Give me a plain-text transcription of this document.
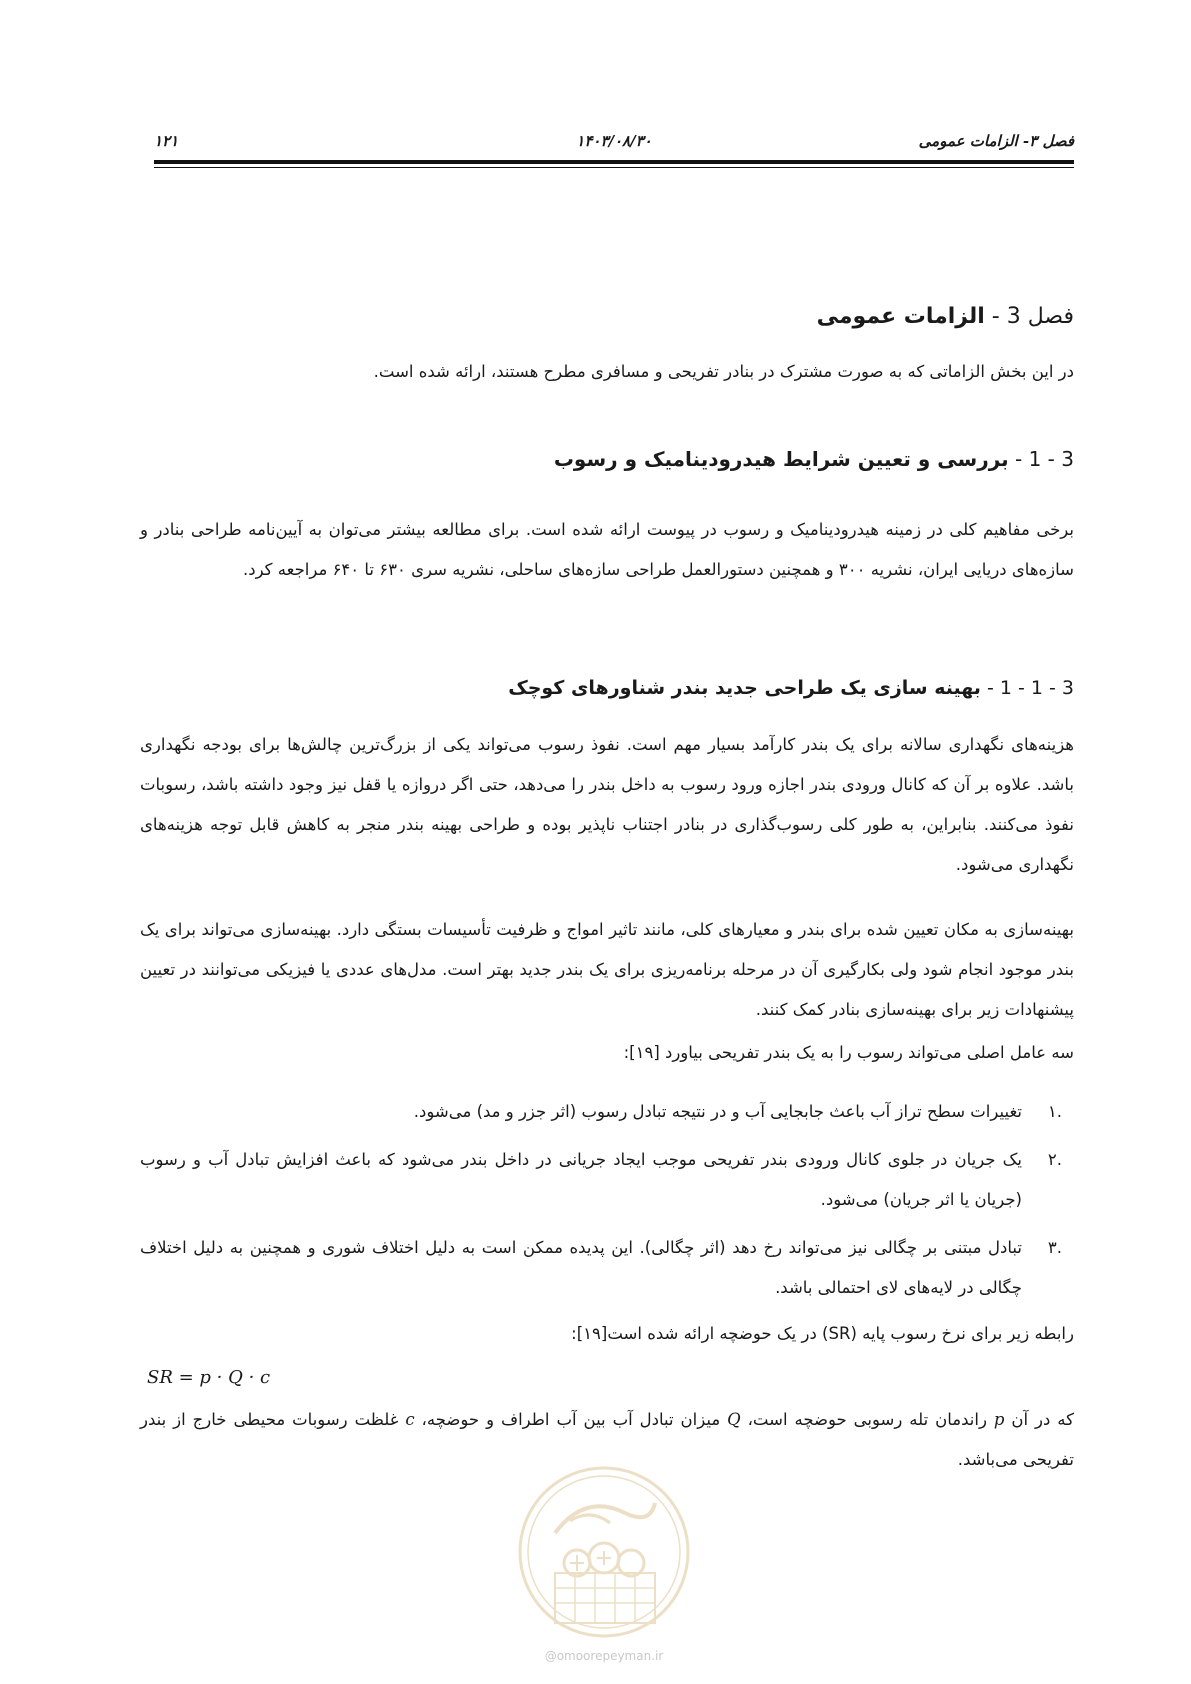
فصل ۳- الزامات عمومی
۱۴۰۳/۰۸/۳۰
۱۲۱
فصل 3 - الزامات عمومی
در این بخش الزاماتی که به صورت مشترک در بنادر تفریحی و مسافری مطرح هستند، ارائه شده است.
3 - 1 - بررسی و تعیین شرایط هیدرودینامیک و رسوب
برخی مفاهیم کلی در زمینه هیدرودینامیک و رسوب در پیوست ارائه شده است. برای مطالعه بیشتر می‌توان به آیین‌نامه طراحی بنادر و سازه‌های دریایی ایران، نشریه ۳۰۰ و همچنین دستورالعمل طراحی سازه‌های ساحلی، نشریه سری ۶۳۰ تا ۶۴۰ مراجعه کرد.
3 - 1 - 1 - بهینه سازی یک طراحی جدید بندر شناورهای کوچک
هزینه‌های نگهداری سالانه برای یک بندر کارآمد بسیار مهم است. نفوذ رسوب می‌تواند یکی از بزرگ‌ترین چالش‌ها برای بودجه نگهداری باشد. علاوه بر آن که کانال ورودی بندر اجازه ورود رسوب به داخل بندر را می‌دهد، حتی اگر دروازه یا قفل نیز وجود داشته باشد، رسوبات نفوذ می‌کنند. بنابراین، به طور کلی رسوب‌گذاری در بنادر اجتناب ناپذیر بوده و طراحی بهینه بندر منجر به کاهش قابل توجه هزینه‌های نگهداری می‌شود.
بهینه‌سازی به مکان تعیین شده برای بندر و معیارهای کلی، مانند تاثیر امواج و ظرفیت تأسیسات بستگی دارد. بهینه‌سازی می‌تواند برای یک بندر موجود انجام شود ولی بکارگیری آن در مرحله برنامه‌ریزی برای یک بندر جدید بهتر است. مدل‌های عددی یا فیزیکی می‌توانند در تعیین پیشنهادات زیر برای بهینه‌سازی بنادر کمک کنند.
سه عامل اصلی می‌تواند رسوب را به یک بندر تفریحی بیاورد [۱۹]:
.۱
تغییرات سطح تراز آب باعث جابجایی آب و در نتیجه تبادل رسوب (اثر جزر و مد) می‌شود.
.۲
یک جریان در جلوی کانال ورودی بندر تفریحی موجب ایجاد جریانی در داخل بندر می‌شود که باعث افزایش تبادل آب و رسوب (جریان یا اثر جریان) می‌شود.
.۳
تبادل مبتنی بر چگالی نیز می‌تواند رخ دهد (اثر چگالی). این پدیده ممکن است به دلیل اختلاف شوری و همچنین به دلیل اختلاف چگالی در لایه‌های لای احتمالی باشد.
رابطه زیر برای نرخ رسوب پایه (SR) در یک حوضچه ارائه شده است[۱۹]:
SR = p · Q · c
که در آن p راندمان تله رسوبی حوضچه است، Q میزان تبادل آب بین آب اطراف و حوضچه، c غلظت رسوبات محیطی خارج از بندر تفریحی می‌باشد.
@omoorepeyman.ir
